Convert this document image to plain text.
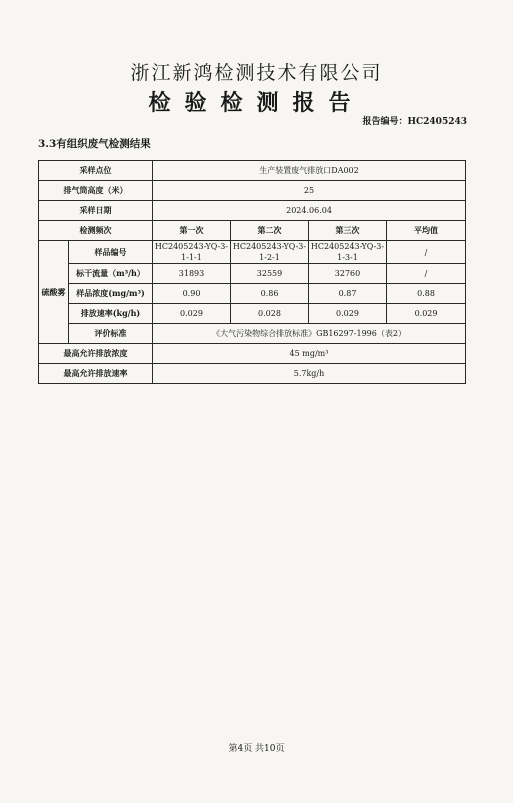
浙江新鸿检测技术有限公司
检验检测报告
报告编号：HC2405243
3.3有组织废气检测结果
采样点位		生产装置废气排放口DA002			
排气筒高度（米）		25			
采样日期		2024.06.04			
检测频次		第一次	第二次	第三次	平均值
硫酸雾	样品编号	HC2405243-YQ-3-1-1-1	HC2405243-YQ-3-1-2-1	HC2405243-YQ-3-1-3-1	/
	标干流量（m³/h）	31893	32559	32760	/
	样品浓度(mg/m³)	0.90	0.86	0.87	0.88
	排放速率(kg/h)	0.029	0.028	0.029	0.029
	评价标准	《大气污染物综合排放标准》GB16297-1996（表2）			
最高允许排放浓度		45 mg/m³			
最高允许排放速率		5.7kg/h			
第4页 共10页
